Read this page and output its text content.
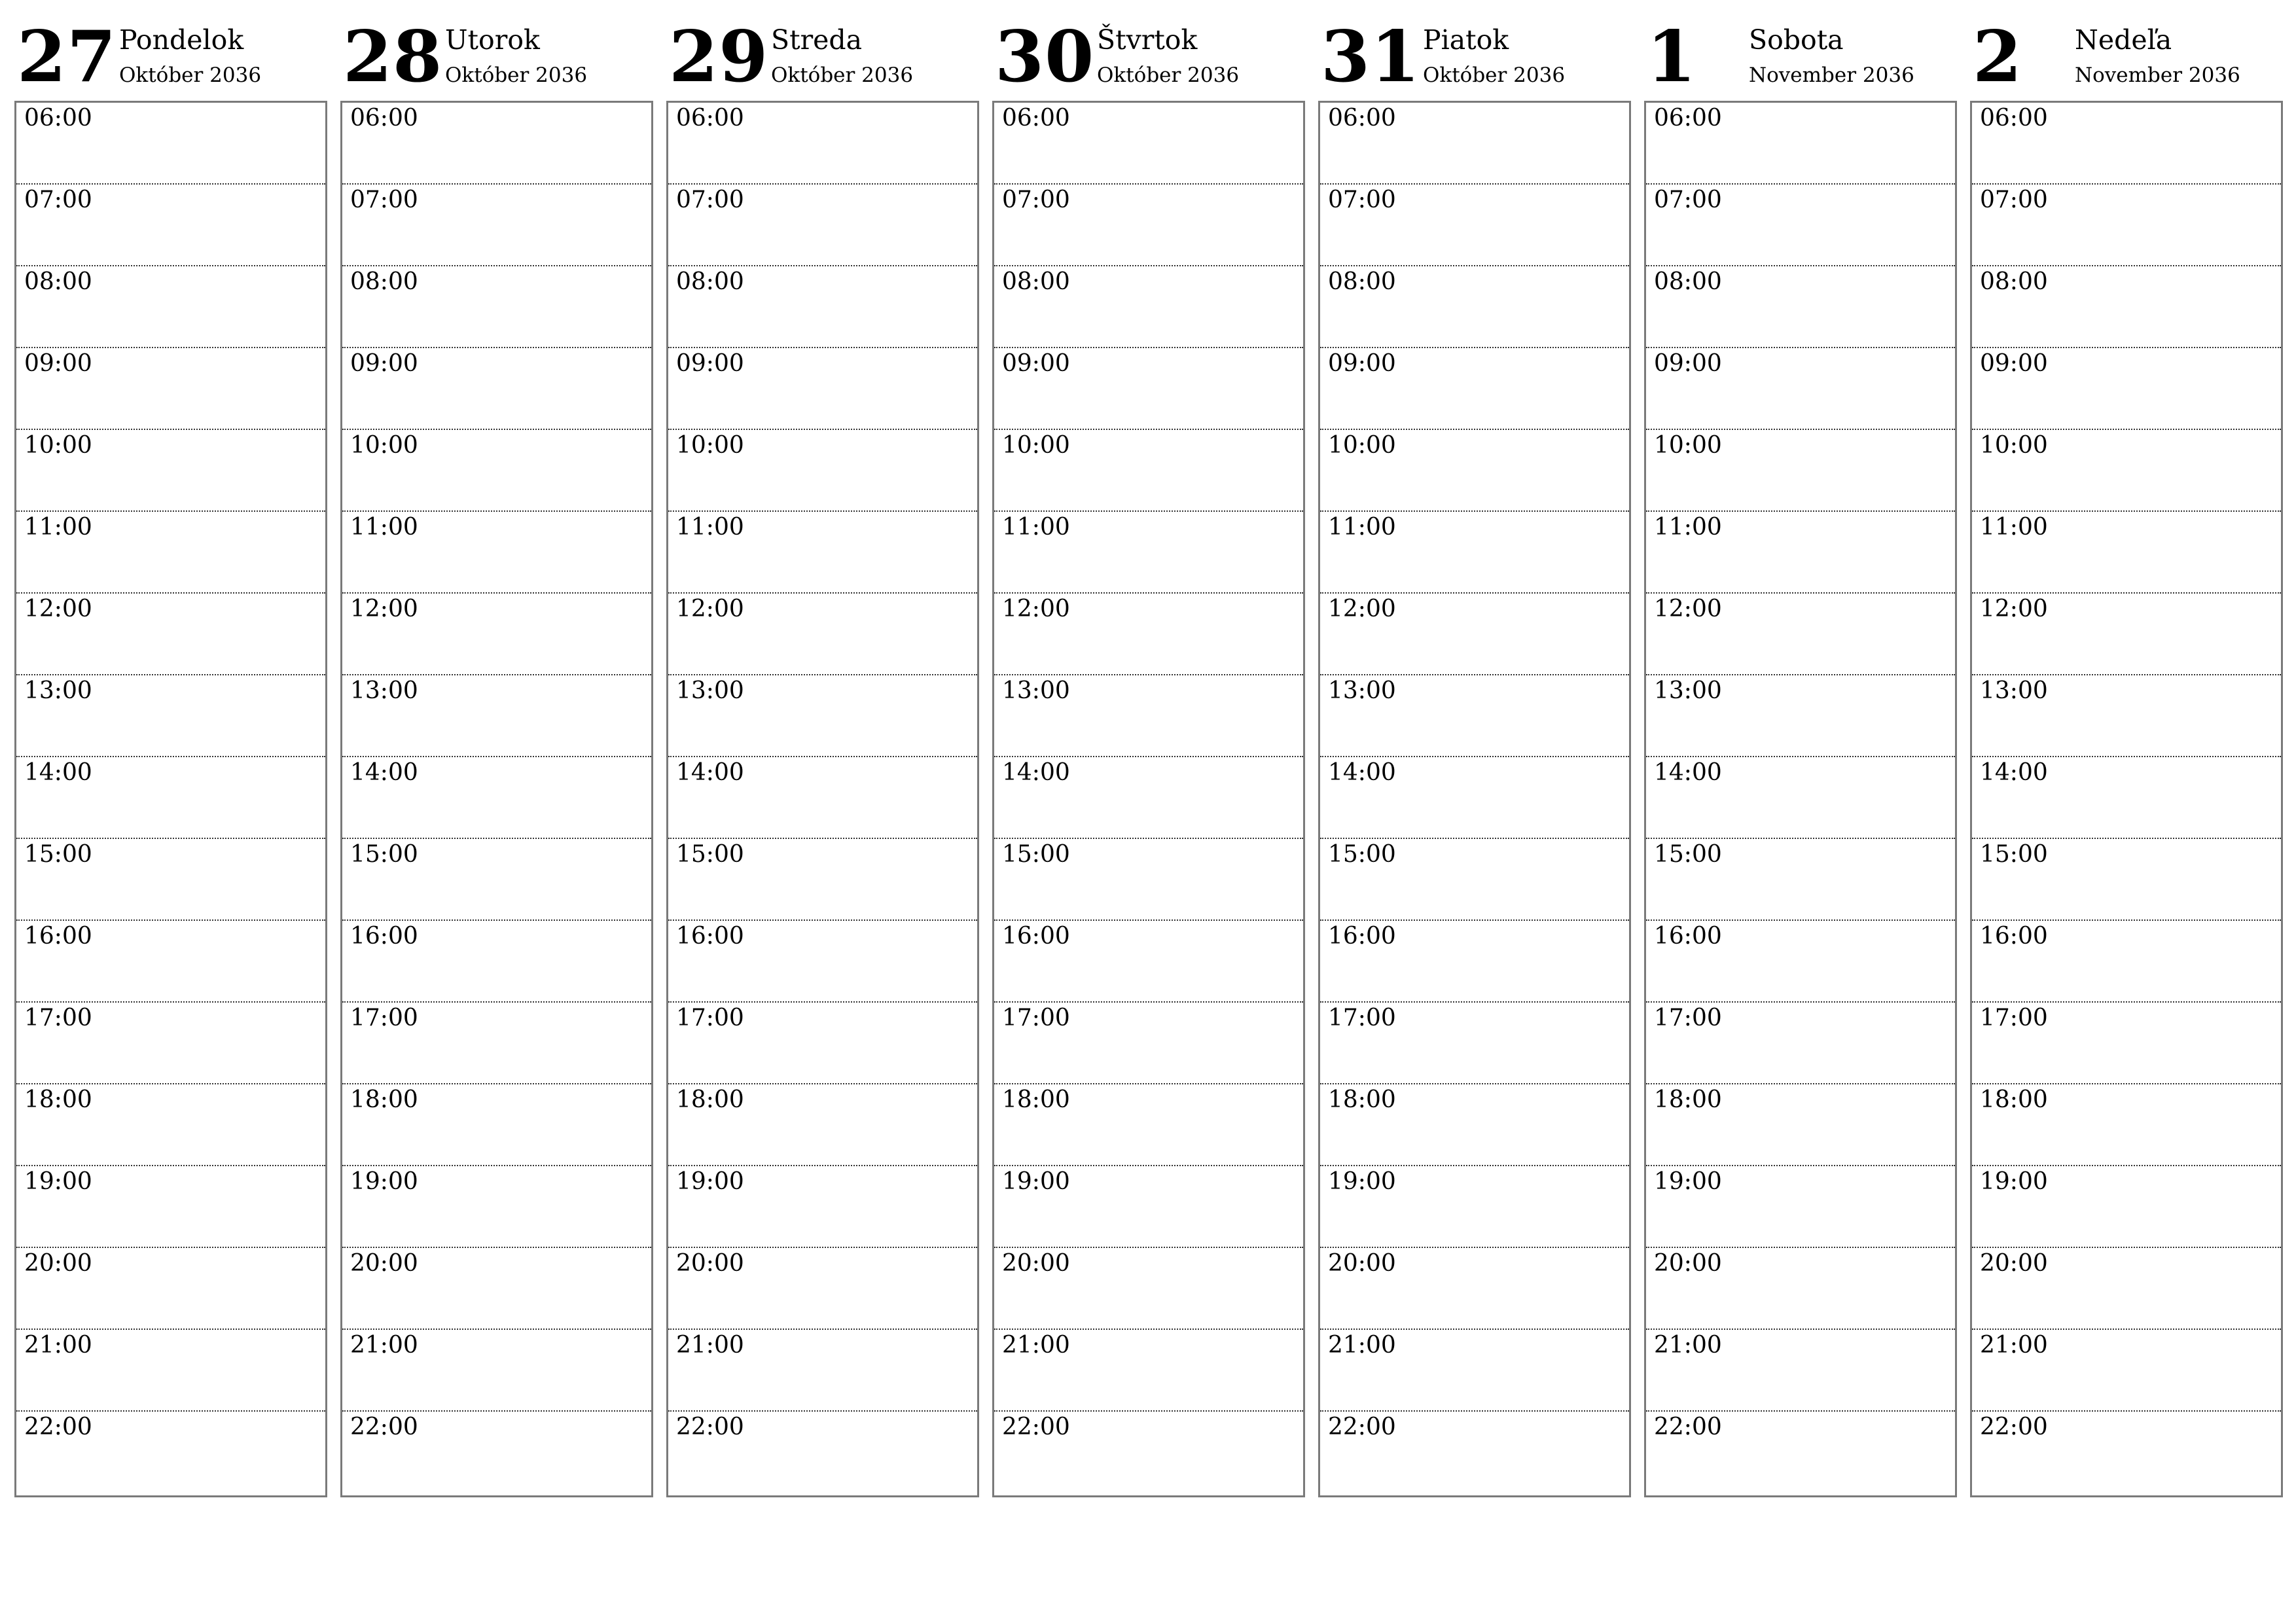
27 Pondelok
Október 2036
06:00
07:00
08:00
09:00
10:00
11:00
12:00
13:00
14:00
15:00
16:00
17:00
18:00
19:00
20:00
21:00
22:00
28 Utorok
Október 2036
06:00
07:00
08:00
09:00
10:00
11:00
12:00
13:00
14:00
15:00
16:00
17:00
18:00
19:00
20:00
21:00
22:00
29 Streda
Október 2036
06:00
07:00
08:00
09:00
10:00
11:00
12:00
13:00
14:00
15:00
16:00
17:00
18:00
19:00
20:00
21:00
22:00
30 Štvrtok
Október 2036
06:00
07:00
08:00
09:00
10:00
11:00
12:00
13:00
14:00
15:00
16:00
17:00
18:00
19:00
20:00
21:00
22:00
31 Piatok
Október 2036
06:00
07:00
08:00
09:00
10:00
11:00
12:00
13:00
14:00
15:00
16:00
17:00
18:00
19:00
20:00
21:00
22:00
1 Sobota
November 2036
06:00
07:00
08:00
09:00
10:00
11:00
12:00
13:00
14:00
15:00
16:00
17:00
18:00
19:00
20:00
21:00
22:00
2 Nedeľa
November 2036
06:00
07:00
08:00
09:00
10:00
11:00
12:00
13:00
14:00
15:00
16:00
17:00
18:00
19:00
20:00
21:00
22:00
